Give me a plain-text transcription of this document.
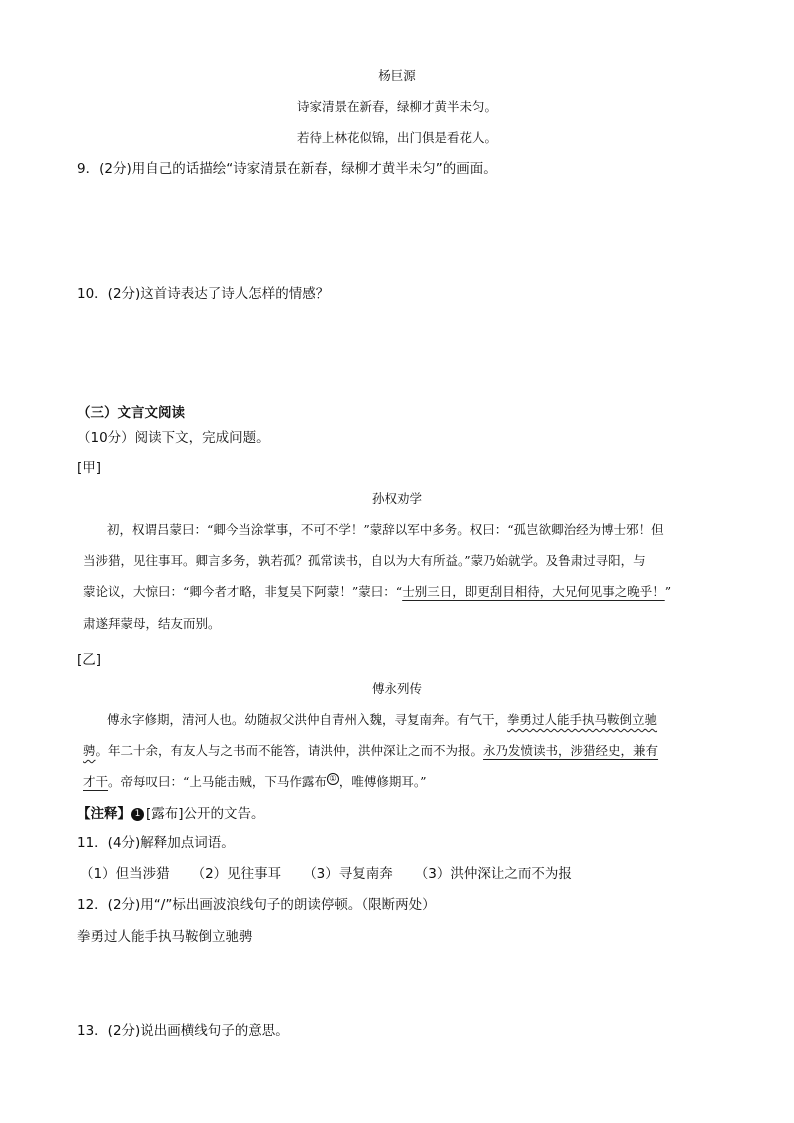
杨巨源
诗家清景在新春，绿柳才黄半未匀。
若待上林花似锦，出门俱是看花人。
9．(2分)用自己的话描绘“诗家清景在新春，绿柳才黄半未匀”的画面。
10．(2分)这首诗表达了诗人怎样的情感？
（三）文言文阅读
（10分）阅读下文，完成问题。
[甲]
孙权劝学
初，权谓吕蒙曰：“卿今当涂掌事，不可不学！”蒙辞以军中多务。权曰：“孤岂欲卿治经为博士邪！但
当涉猎，见往事耳。卿言多务，孰若孤？孤常读书，自以为大有所益。”蒙乃始就学。及鲁肃过寻阳，与
蒙论议，大惊曰：“卿今者才略，非复吴下阿蒙！”蒙曰：“士别三日，即更刮目相待，大兄何见事之晚乎！”
肃遂拜蒙母，结友而别。
[乙]
傅永列传
傅永字修期，清河人也。幼随叔父洪仲自青州入魏，寻复南奔。有气干，拳勇过人能手执马鞍倒立驰
骋。年二十余，有友人与之书而不能答，请洪仲，洪仲深让之而不为报。永乃发愤读书，涉猎经史，兼有
才干。帝每叹曰：“上马能击贼，下马作露布 ① ，唯傅修期耳。”
【注释】 1 [露布]公开的文告。
11．(4分)解释加点词语。
（1）但当涉猎 （2）见往事耳 （3）寻复南奔 （3）洪仲深让之而不为报
12．(2分)用“/”标出画波浪线句子的朗读停顿。（限断两处）
拳勇过人能手执马鞍倒立驰骋
13．(2分)说出画横线句子的意思。
